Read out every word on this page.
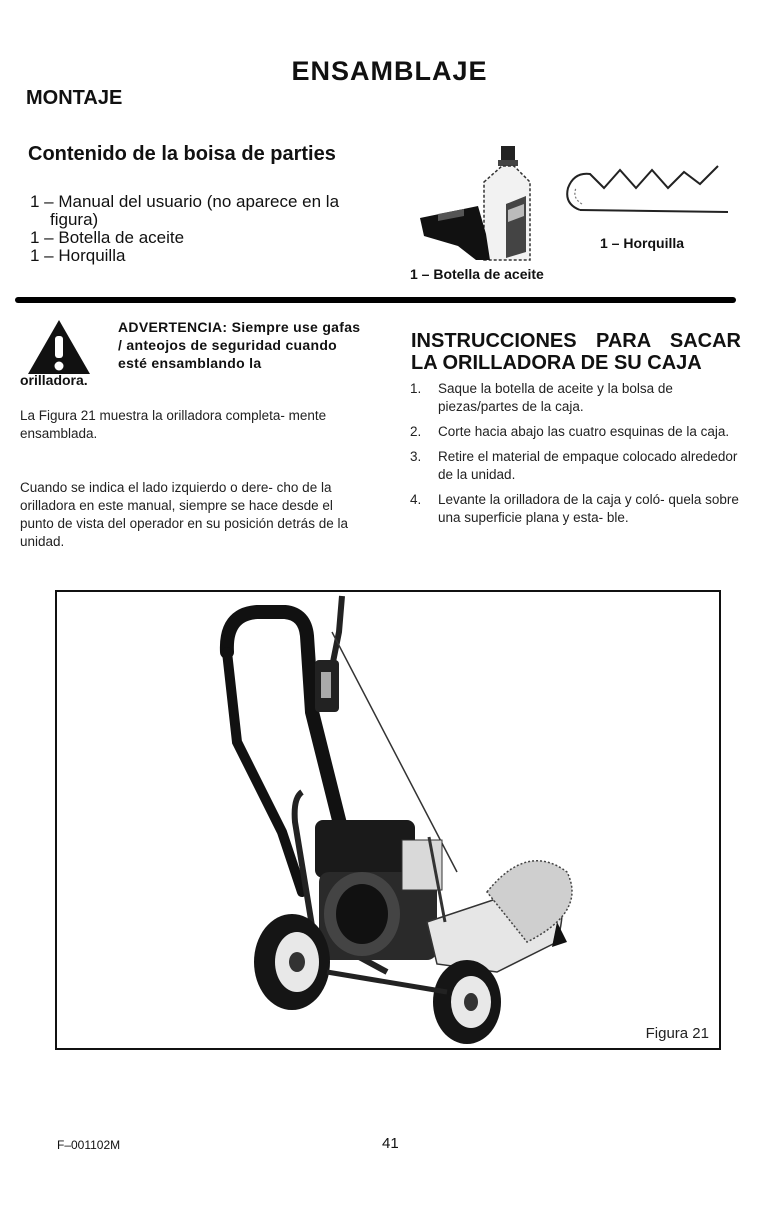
ENSAMBLAJE
MONTAJE
Contenido de la boisa de parties
1 – Manual del usuario (no aparece en la figura)
1 – Botella de aceite
1 – Horquilla
1 – Botella de aceite
1 – Horquilla
ADVERTENCIA: Siempre use gafas / anteojos de seguridad cuando esté ensamblando la
orilladora.
La Figura 21 muestra la orilladora completa- mente ensamblada.
Cuando se indica el lado izquierdo o dere- cho de la orilladora en este manual, siempre se hace desde el punto de vista del operador en su posición detrás de la unidad.
INSTRUCCIONES PARA SACAR
LA ORILLADORA DE SU CAJA
1. Saque la botella de aceite y la bolsa de piezas/partes de la caja.
2. Corte hacia abajo las cuatro esquinas de la caja.
3. Retire el material de empaque colocado alrededor de la unidad.
4. Levante la orilladora de la caja y coló- quela sobre una superficie plana y esta- ble.
Figura 21
F–001102M	41
